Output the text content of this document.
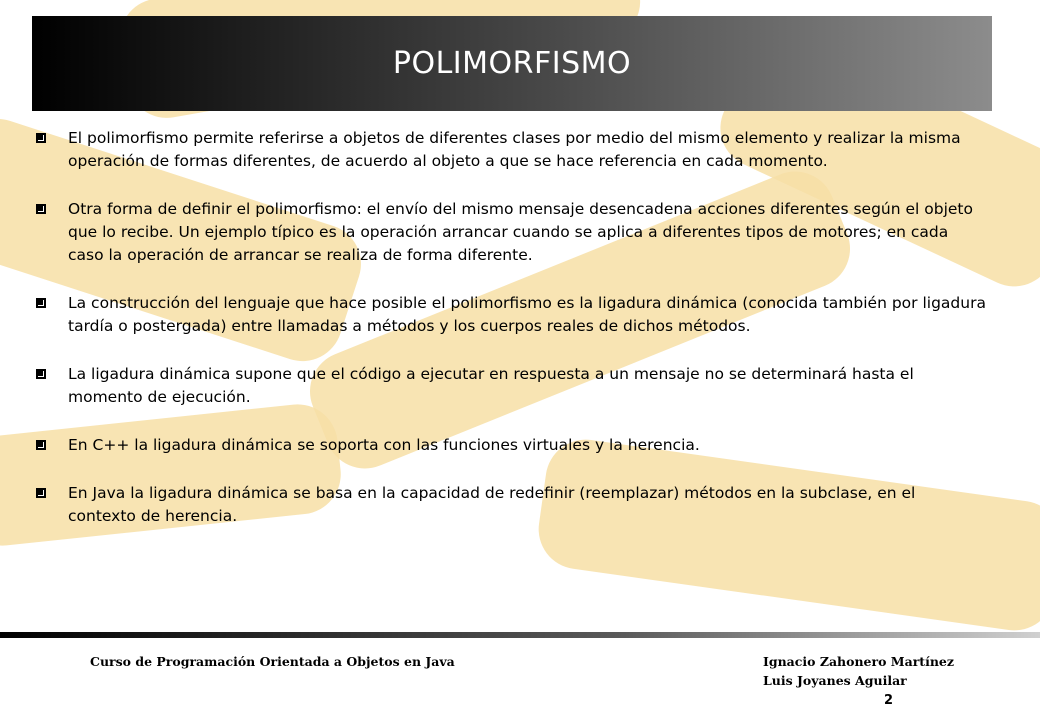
POLIMORFISMO
El polimorfismo permite referirse a objetos de diferentes clases por medio del mismo elemento y realizar la misma operación de formas diferentes, de acuerdo al objeto a que se hace referencia en cada momento.
Otra forma de definir el polimorfismo: el envío del mismo mensaje desencadena acciones diferentes según el objeto que lo recibe. Un ejemplo típico es la operación arrancar cuando se aplica a diferentes tipos de motores; en cada caso la operación de arrancar se realiza de forma diferente.
La construcción del lenguaje que hace posible el polimorfismo es la ligadura dinámica (conocida también por ligadura tardía o postergada) entre llamadas a métodos y los cuerpos reales de dichos métodos.
La ligadura dinámica supone que el código a ejecutar en respuesta a un mensaje no se determinará hasta el momento de ejecución.
En C++ la ligadura dinámica se soporta con las funciones virtuales y la herencia.
En Java la ligadura dinámica se basa en la capacidad de redefinir (reemplazar) métodos en la subclase, en el contexto de herencia.
Curso de Programación Orientada a Objetos en Java	Ignacio Zahonero Martínez
Luis Joyanes Aguilar
2
